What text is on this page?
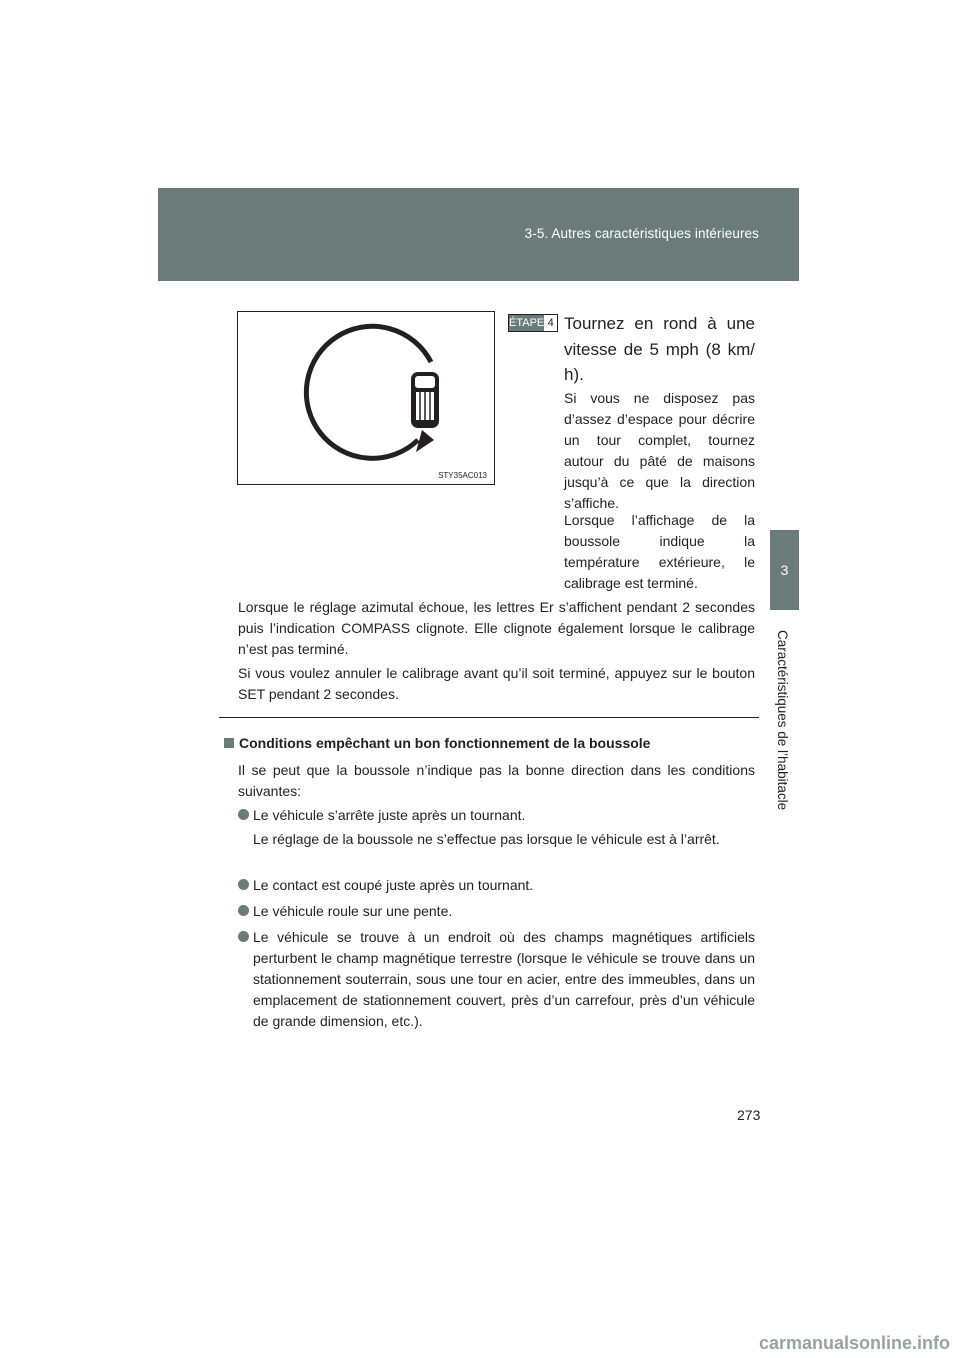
3-5. Autres caractéristiques intérieures
3
Caractéristiques de l’habitacle
STY35AC013
ÉTAPE 4 Tournez en rond à une vitesse de 5 mph (8 km/ h).
Si vous ne disposez pas d’assez d’espace pour décrire un tour complet, tournez autour du pâté de maisons jusqu’à ce que la direction s’affiche.
Lorsque l’affichage de la boussole indique la température extérieure, le calibrage est terminé.
Lorsque le réglage azimutal échoue, les lettres Er s’affichent pendant 2 secondes puis l’indication COMPASS clignote. Elle clignote également lorsque le calibrage n’est pas terminé.
Si vous voulez annuler le calibrage avant qu’il soit terminé, appuyez sur le bouton SET pendant 2 secondes.
Conditions empêchant un bon fonctionnement de la boussole
Il se peut que la boussole n’indique pas la bonne direction dans les conditions suivantes:
Le véhicule s’arrête juste après un tournant.
Le réglage de la boussole ne s’effectue pas lorsque le véhicule est à l’arrêt.
Le contact est coupé juste après un tournant.
Le véhicule roule sur une pente.
Le véhicule se trouve à un endroit où des champs magnétiques artificiels perturbent le champ magnétique terrestre (lorsque le véhicule se trouve dans un stationnement souterrain, sous une tour en acier, entre des immeubles, dans un emplacement de stationnement couvert, près d’un carrefour, près d’un véhicule de grande dimension, etc.).
273
carmanualsonline.info
